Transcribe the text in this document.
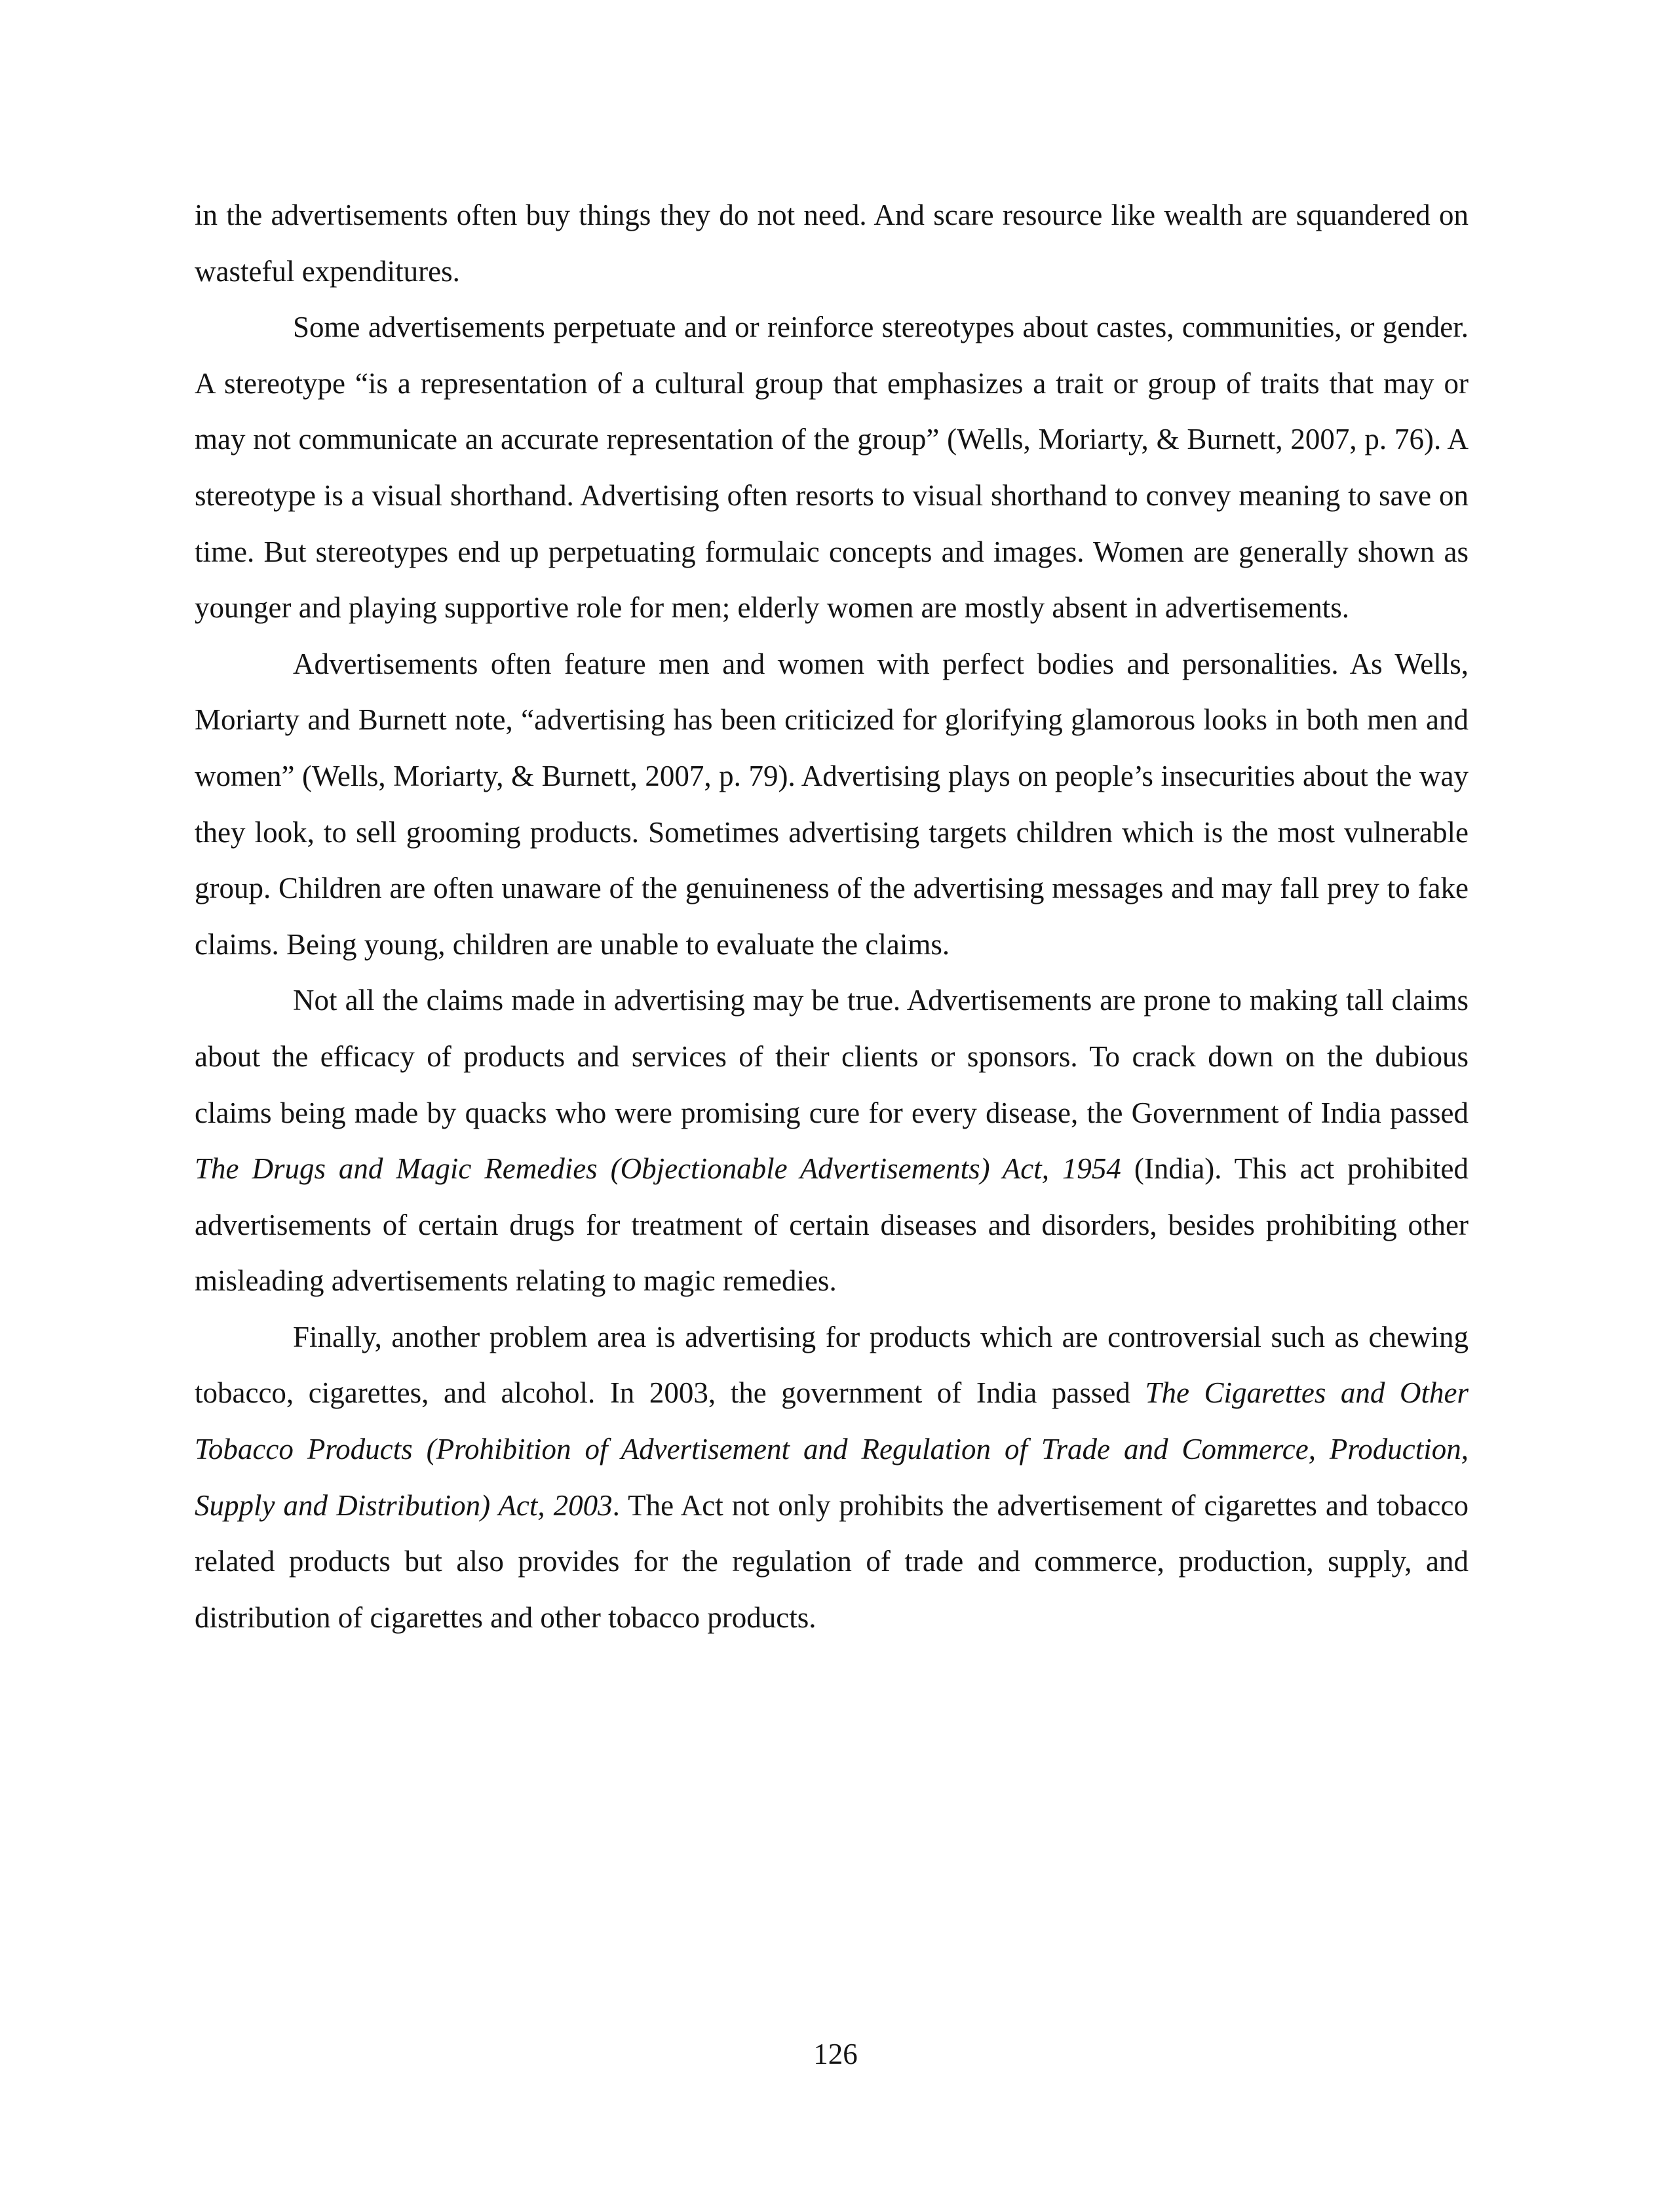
in the advertisements often buy things they do not need. And scare resource like wealth are squandered on wasteful expenditures.

Some advertisements perpetuate and or reinforce stereotypes about castes, communities, or gender. A stereotype “is a representation of a cultural group that emphasizes a trait or group of traits that may or may not communicate an accurate representation of the group” (Wells, Moriarty, & Burnett, 2007, p. 76). A stereotype is a visual shorthand. Advertising often resorts to visual shorthand to convey meaning to save on time. But stereotypes end up perpetuating formulaic concepts and images. Women are generally shown as younger and playing supportive role for men; elderly women are mostly absent in advertisements.

Advertisements often feature men and women with perfect bodies and personalities. As Wells, Moriarty and Burnett note, “advertising has been criticized for glorifying glamorous looks in both men and women” (Wells, Moriarty, & Burnett, 2007, p. 79). Advertising plays on people’s insecurities about the way they look, to sell grooming products. Sometimes advertising targets children which is the most vulnerable group. Children are often unaware of the genuineness of the advertising messages and may fall prey to fake claims. Being young, children are unable to evaluate the claims.

Not all the claims made in advertising may be true. Advertisements are prone to making tall claims about the efficacy of products and services of their clients or sponsors. To crack down on the dubious claims being made by quacks who were promising cure for every disease, the Government of India passed The Drugs and Magic Remedies (Objectionable Advertisements) Act, 1954 (India). This act prohibited advertisements of certain drugs for treatment of certain diseases and disorders, besides prohibiting other misleading advertisements relating to magic remedies.

Finally, another problem area is advertising for products which are controversial such as chewing tobacco, cigarettes, and alcohol. In 2003, the government of India passed The Cigarettes and Other Tobacco Products (Prohibition of Advertisement and Regulation of Trade and Commerce, Production, Supply and Distribution) Act, 2003. The Act not only prohibits the advertisement of cigarettes and tobacco related products but also provides for the regulation of trade and commerce, production, supply, and distribution of cigarettes and other tobacco products.

126
